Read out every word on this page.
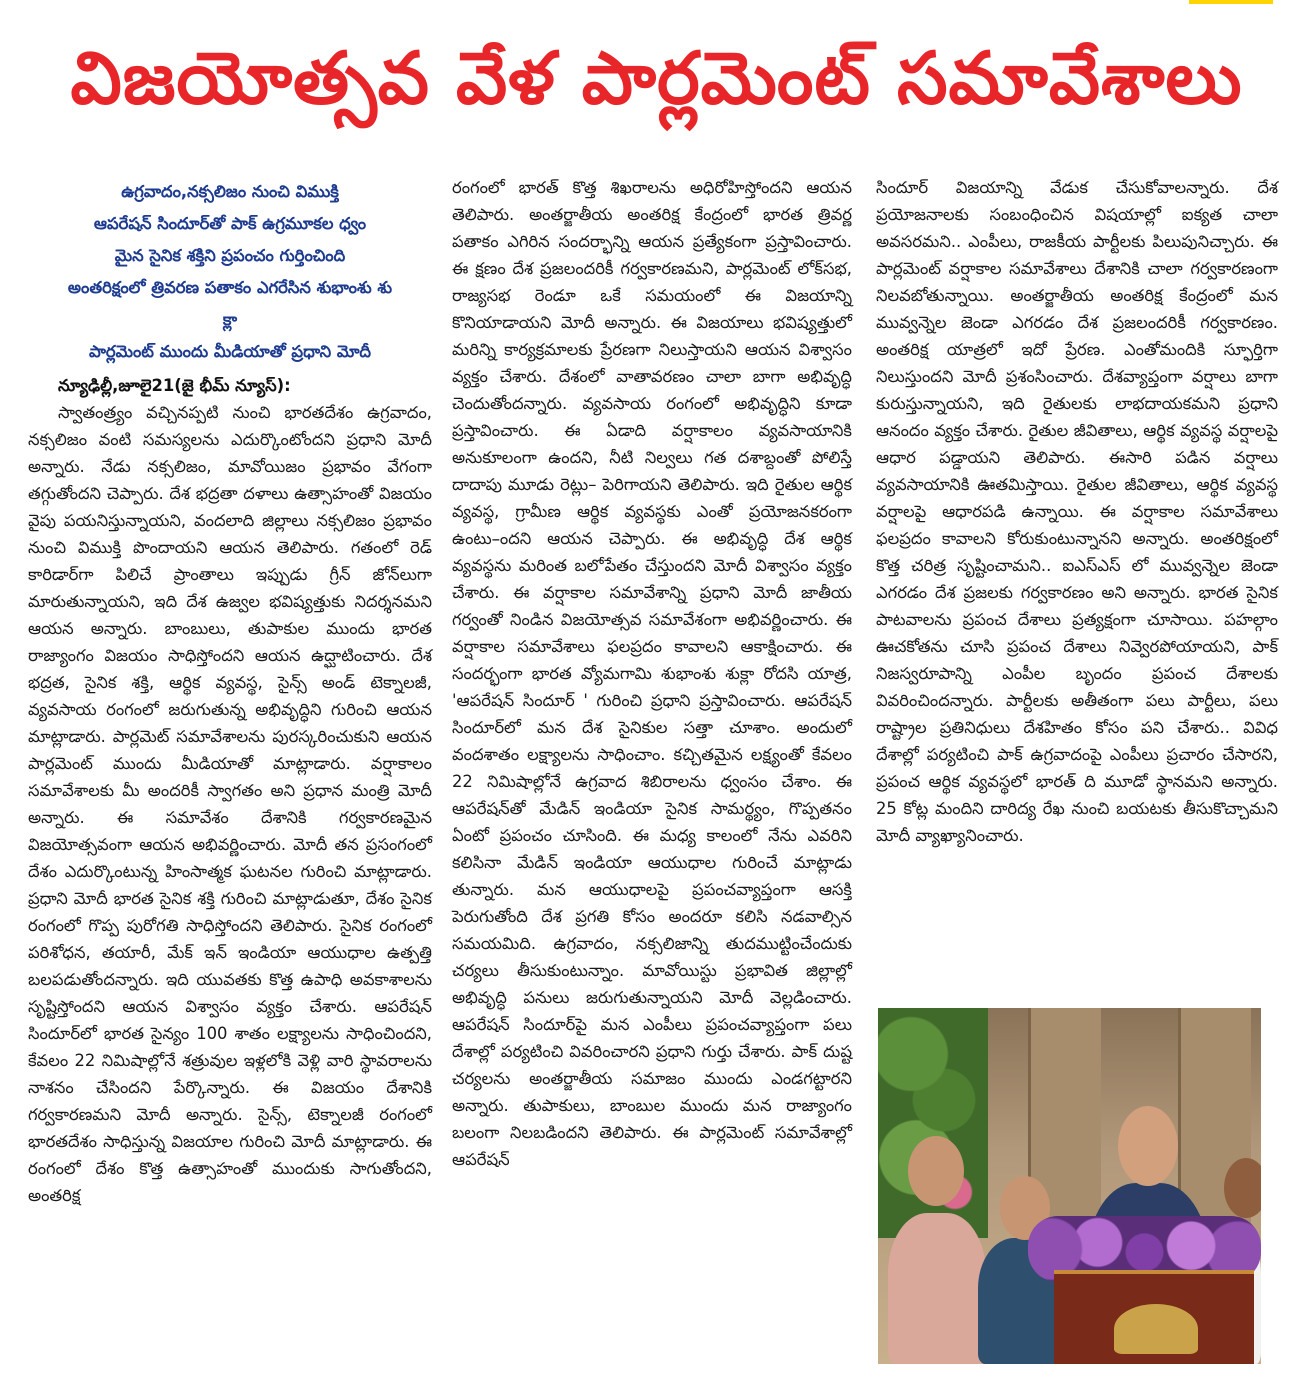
విజయోత్సవ వేళ పార్లమెంట్ సమావేశాలు
ఉగ్రవాదం,నక్సలిజం నుంచి విముక్తి
ఆపరేషన్ సిందూర్‌తో పాక్ ఉగ్రమూకల ధ్వం
మైన సైనిక శక్తిని ప్రపంచం గుర్తించింది
అంతరిక్షంలో త్రివరణ పతాకం ఎగరేసిన శుభాంశు శు
క్లా
పార్లమెంట్ ముందు మీడియాతో ప్రధాని మోదీ
న్యూఢిల్లీ,జూలై21(జై భీమ్ న్యూస్):

స్వాతంత్ర్యం వచ్చినప్పటి నుంచి భారతదేశం ఉగ్రవాదం, నక్సలిజం వంటి సమస్యలను ఎదుర్కొంటోందని ప్రధాని మోదీ అన్నారు. నేడు నక్సలిజం, మావోయిజం ప్రభావం వేగంగా తగ్గుతోందని చెప్పారు. దేశ భద్రతా దళాలు ఉత్సాహంతో విజయం వైపు పయనిస్తున్నాయని, వందలాది జిల్లాలు నక్సలిజం ప్రభావం నుంచి విముక్తి పొందాయని ఆయన తెలిపారు. గతంలో రెడ్ కారిడార్‌గా పిలిచే ప్రాంతాలు ఇప్పుడు గ్రీన్ జోన్‌లుగా మారుతున్నాయని, ఇది దేశ ఉజ్వల భవిష్యత్తుకు నిదర్శనమని ఆయన అన్నారు. బాంబులు, తుపాకుల ముందు భారత రాజ్యాంగం విజయం సాధిస్తోందని ఆయన ఉద్ఘాటించారు. దేశ భద్రత, సైనిక శక్తి, ఆర్థిక వ్యవస్థ, సైన్స్ అండ్ టెక్నాలజీ, వ్యవసాయ రంగంలో జరుగుతున్న అభివృద్ధిని గురించి ఆయన మాట్లాడారు. పార్లమెట్ సమావేశాలను పురస్కరించుకుని ఆయన పార్లమెంట్ ముందు మీడియాతో మాట్లాడారు. వర్షాకాలం సమావేశాలకు మీ అందరికీ స్వాగతం అని ప్రధాన మంత్రి మోదీ అన్నారు. ఈ సమావేశం దేశానికి గర్వకారణమైన విజయోత్సవంగా ఆయన అభివర్ణించారు. మోదీ తన ప్రసంగంలో దేశం ఎదుర్కొంటున్న హింసాత్మక ఘటనల గురించి మాట్లాడారు. ప్రధాని మోదీ భారత సైనిక శక్తి గురించి మాట్లాడుతూ, దేశం సైనిక రంగంలో గొప్ప పురోగతి సాధిస్తోందని తెలిపారు. సైనిక రంగంలో పరిశోధన, తయారీ, మేక్ ఇన్ ఇండియా ఆయుధాల ఉత్పత్తి బలపడుతోందన్నారు. ఇది యువతకు కొత్త ఉపాధి అవకాశాలను సృష్టిస్తోందని ఆయన విశ్వాసం వ్యక్తం చేశారు. ఆపరేషన్ సిందూర్‌లో భారత సైన్యం 100 శాతం లక్ష్యాలను సాధించిందని, కేవలం 22 నిమిషాల్లోనే శత్రువుల ఇళ్లలోకి వెళ్లి వారి స్థావరాలను నాశనం చేసిందని పేర్కొన్నారు. ఈ విజయం దేశానికి గర్వకారణమని మోదీ అన్నారు. సైన్స్, టెక్నాలజీ రంగంలో భారతదేశం సాధిస్తున్న విజయాల గురించి మోదీ మాట్లాడారు. ఈ రంగంలో దేశం కొత్త ఉత్సాహంతో ముందుకు సాగుతోందని, అంతరిక్ష

రంగంలో భారత్ కొత్త శిఖరాలను అధిరోహిస్తోందని ఆయన తెలిపారు. అంతర్జాతీయ అంతరిక్ష కేంద్రంలో భారత త్రివర్ణ పతాకం ఎగిరిన సందర్భాన్ని ఆయన ప్రత్యేకంగా ప్రస్తావించారు. ఈ క్షణం దేశ ప్రజలందరికీ గర్వకారణమని, పార్లమెంట్ లోక్‌సభ, రాజ్యసభ రెండూ ఒకే సమయంలో ఈ విజయాన్ని కొనియాడాయని మోదీ అన్నారు. ఈ విజయాలు భవిష్యత్తులో మరిన్ని కార్యక్రమాలకు ప్రేరణగా నిలుస్తాయని ఆయన విశ్వాసం వ్యక్తం చేశారు. దేశంలో వాతావరణం చాలా బాగా అభివృద్ధి చెందుతోందన్నారు. వ్యవసాయ రంగంలో అభివృద్ధిని కూడా ప్రస్తావించారు. ఈ ఏడాది వర్షాకాలం వ్యవసాయానికి అనుకూలంగా ఉందని, నీటి నిల్వలు గత దశాబ్దంతో పోలిస్తే దాదాపు మూడు రెట్లు– పెరిగాయని తెలిపారు. ఇది రైతుల ఆర్థిక వ్యవస్థ, గ్రామీణ ఆర్థిక వ్యవస్థకు ఎంతో ప్రయోజనకరంగా ఉంటు–ందని ఆయన చెప్పారు. ఈ అభివృద్ధి దేశ ఆర్థిక వ్యవస్థను మరింత బలోపేతం చేస్తుందని మోదీ విశ్వాసం వ్యక్తం చేశారు. ఈ వర్షాకాల సమావేశాన్ని ప్రధాని మోదీ జాతీయ గర్వంతో నిండిన విజయోత్సవ సమావేశంగా అభివర్ణించారు. ఈ వర్షాకాల సమావేశాలు ఫలప్రదం కావాలని ఆకాక్షించారు. ఈ సందర్భంగా భారత వ్యోమగామి శుభాంశు శుక్లా రోదసి యాత్ర, 'ఆపరేషన్ సిందూర్ ' గురించి ప్రధాని ప్రస్తావించారు. ఆపరేషన్ సిందూర్‌లో మన దేశ సైనికుల సత్తా చూశాం. అందులో వందశాతం లక్ష్యాలను సాధించాం. కచ్చితమైన లక్ష్యంతో కేవలం 22 నిమిషాల్లోనే ఉగ్రవాద శిబిరాలను ధ్వంసం చేశాం. ఈ ఆపరేషన్‌తో మేడిన్ ఇండియా సైనిక సామర్థ్యం, గొప్పతనం ఏంటో ప్రపంచం చూసింది. ఈ మధ్య కాలంలో నేను ఎవరిని కలిసినా మేడిన్ ఇండియా ఆయుధాల గురించే మాట్లాడు తున్నారు. మన ఆయుధాలపై ప్రపంచవ్యాప్తంగా ఆసక్తి పెరుగుతోంది దేశ ప్రగతి కోసం అందరూ కలిసి నడవాల్సిన సమయమిది. ఉగ్రవాదం, నక్సలిజాన్ని తుదముట్టించేందుకు చర్యలు తీసుకుంటున్నాం. మావోయిస్టు ప్రభావిత జిల్లాల్లో అభివృద్ధి పనులు జరుగుతున్నాయని మోదీ వెల్లడించారు. ఆపరేషన్ సిందూర్‌పై మన ఎంపీలు ప్రపంచవ్యాప్తంగా పలు దేశాల్లో పర్యటించి వివరించారని ప్రధాని గుర్తు చేశారు. పాక్ దుష్ట చర్యలను అంతర్జాతీయ సమాజం ముందు ఎండగట్టారని అన్నారు. తుపాకులు, బాంబుల ముందు మన రాజ్యాంగం బలంగా నిలబడిందని తెలిపారు. ఈ పార్లమెంట్ సమావేశాల్లో ఆపరేషన్

సిందూర్ విజయాన్ని వేడుక చేసుకోవాలన్నారు. దేశ ప్రయోజనాలకు సంబంధించిన విషయాల్లో ఐక్యత చాలా అవసరమని.. ఎంపీలు, రాజకీయ పార్టీలకు పిలుపునిచ్చారు. ఈ పార్లమెంట్ వర్షాకాల సమావేశాలు దేశానికి చాలా గర్వకారణంగా నిలవబోతున్నాయి. అంతర్జాతీయ అంతరిక్ష కేంద్రంలో మన మువ్వన్నెల జెండా ఎగరడం దేశ ప్రజలందరికీ గర్వకారణం. అంతరిక్ష యాత్రలో ఇదో ప్రేరణ. ఎంతోమందికి స్ఫూర్తిగా నిలుస్తుందని మోదీ ప్రశంసించారు. దేశవ్యాప్తంగా వర్షాలు బాగా కురుస్తున్నాయని, ఇది రైతులకు లాభదాయకమని ప్రధాని ఆనందం వ్యక్తం చేశారు. రైతుల జీవితాలు, ఆర్థిక వ్యవస్థ వర్షాలపై ఆధార పడ్డాయని తెలిపారు. ఈసారి పడిన వర్షాలు వ్యవసాయానికి ఊతమిస్తాయి. రైతుల జీవితాలు, ఆర్థిక వ్యవస్థ వర్షాలపై ఆధారపడి ఉన్నాయి. ఈ వర్షాకాల సమావేశాలు ఫలప్రదం కావాలని కోరుకుంటున్నానని అన్నారు. అంతరిక్షంలో కొత్త చరిత్ర సృష్టించామని.. ఐఎస్ఎస్ లో మువ్వన్నెల జెండా ఎగరడం దేశ ప్రజలకు గర్వకారణం అని అన్నారు. భారత సైనిక పాటవాలను ప్రపంచ దేశాలు ప్రత్యక్షంగా చూసాయి. పహల్గాం ఊచకోతను చూసి ప్రపంచ దేశాలు నివ్వెరపోయాయని, పాక్ నిజస్వరూపాన్ని ఎంపీల బృందం ప్రపంచ దేశాలకు వివరించిందన్నారు. పార్టీలకు అతీతంగా పలు పార్టీలు, పలు రాష్ట్రాల ప్రతినిధులు దేశహితం కోసం పని చేశారు.. వివిధ దేశాల్లో పర్యటించి పాక్ ఉగ్రవాదంపై ఎంపీలు ప్రచారం చేసారని, ప్రపంచ ఆర్థిక వ్యవస్థలో భారత్ ది మూడో స్థానమని అన్నారు. 25 కోట్ల మందిని దారిద్య రేఖ నుంచి బయటకు తీసుకొచ్చామని మోదీ వ్యాఖ్యానించారు.
